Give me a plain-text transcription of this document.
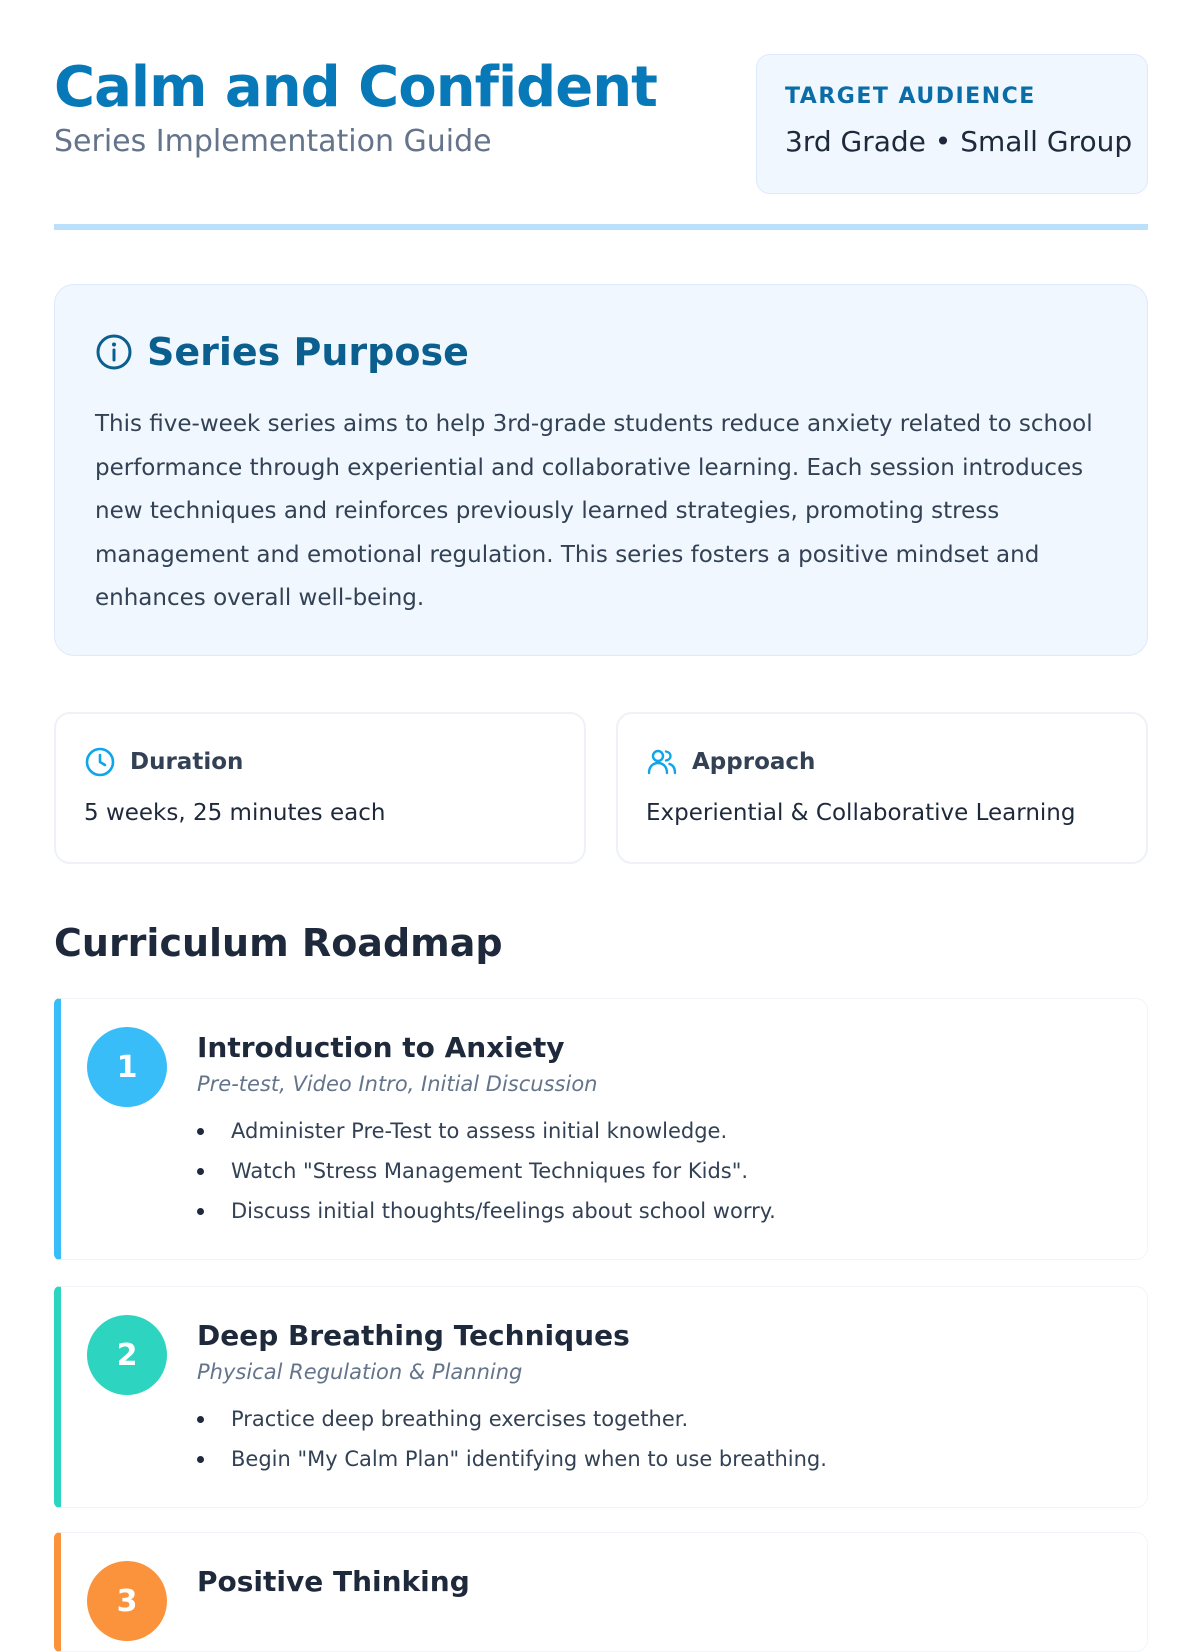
Calm and Confident
Series Implementation Guide
TARGET AUDIENCE
3rd Grade • Small Group
Series Purpose
This five-week series aims to help 3rd-grade students reduce anxiety related to school performance through experiential and collaborative learning. Each session introduces new techniques and reinforces previously learned strategies, promoting stress management and emotional regulation. This series fosters a positive mindset and enhances overall well-being.
Duration
5 weeks, 25 minutes each
Approach
Experiential & Collaborative Learning
Curriculum Roadmap
1
Introduction to Anxiety
Pre-test, Video Intro, Initial Discussion
Administer Pre-Test to assess initial knowledge.
Watch "Stress Management Techniques for Kids".
Discuss initial thoughts/feelings about school worry.
2
Deep Breathing Techniques
Physical Regulation & Planning
Practice deep breathing exercises together.
Begin "My Calm Plan" identifying when to use breathing.
3
Positive Thinking
